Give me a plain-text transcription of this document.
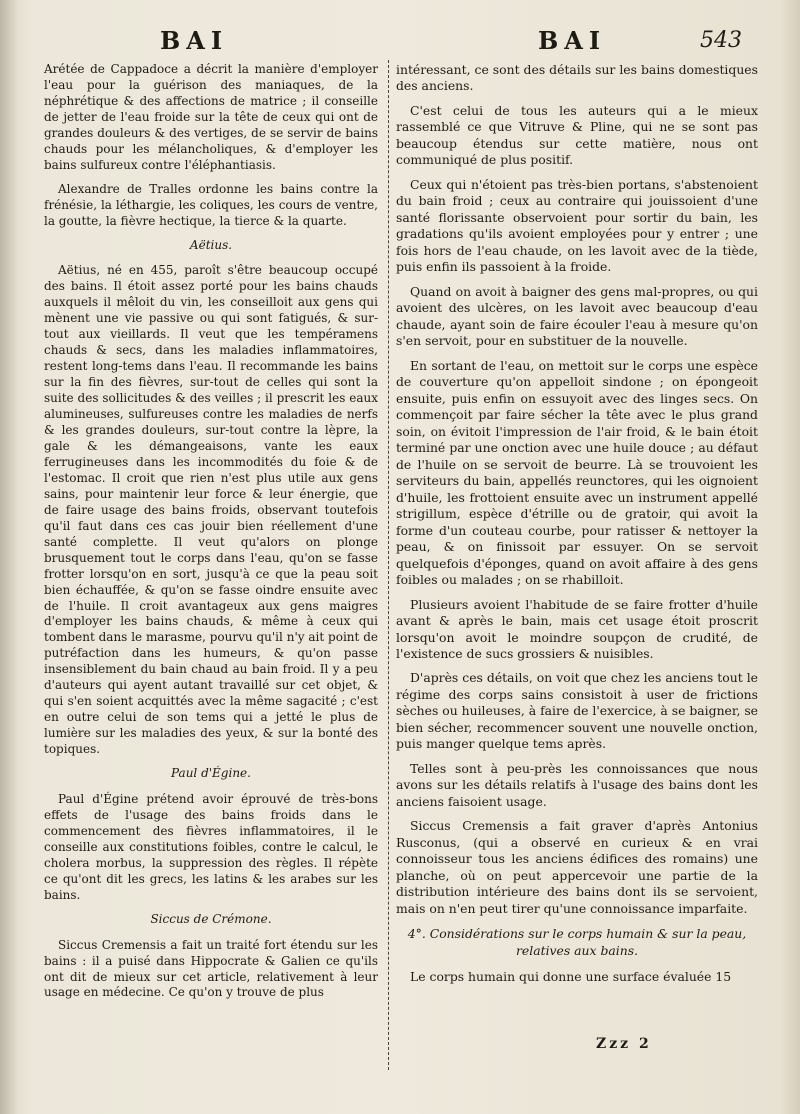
BAI	BAI	543

Arétée de Cappadoce a décrit la manière d'employer l'eau pour la guérison des maniaques, de la néphrétique & des affections de matrice ; il conseille de jetter de l'eau froide sur la tête de ceux qui ont de grandes douleurs & des vertiges, de se servir de bains chauds pour les mélancholiques, & d'employer les bains sulfureux contre l'éléphantiasis.

Alexandre de Tralles ordonne les bains contre la frénésie, la léthargie, les coliques, les cours de ventre, la goutte, la fièvre hectique, la tierce & la quarte.

Aëtius.

Aëtius, né en 455, paroît s'être beaucoup occupé des bains. Il étoit assez porté pour les bains chauds auxquels il mêloit du vin, les conseilloit aux gens qui mènent une vie passive ou qui sont fatigués, & sur-tout aux vieillards. Il veut que les tempéramens chauds & secs, dans les maladies inflammatoires, restent long-tems dans l'eau. Il recommande les bains sur la fin des fièvres, sur-tout de celles qui sont la suite des sollicitudes & des veilles ; il prescrit les eaux alumineuses, sulfureuses contre les maladies de nerfs & les grandes douleurs, sur-tout contre la lèpre, la gale & les démangeaisons, vante les eaux ferrugineuses dans les incommodités du foie & de l'estomac. Il croit que rien n'est plus utile aux gens sains, pour maintenir leur force & leur énergie, que de faire usage des bains froids, observant toutefois qu'il faut dans ces cas jouir bien réellement d'une santé complette. Il veut qu'alors on plonge brusquement tout le corps dans l'eau, qu'on se fasse frotter lorsqu'on en sort, jusqu'à ce que la peau soit bien échauffée, & qu'on se fasse oindre ensuite avec de l'huile. Il croit avantageux aux gens maigres d'employer les bains chauds, & même à ceux qui tombent dans le marasme, pourvu qu'il n'y ait point de putréfaction dans les humeurs, & qu'on passe insensiblement du bain chaud au bain froid. Il y a peu d'auteurs qui ayent autant travaillé sur cet objet, & qui s'en soient acquittés avec la même sagacité ; c'est en outre celui de son tems qui a jetté le plus de lumière sur les maladies des yeux, & sur la bonté des topiques.

Paul d'Égine.

Paul d'Égine prétend avoir éprouvé de très-bons effets de l'usage des bains froids dans le commencement des fièvres inflammatoires, il le conseille aux constitutions foibles, contre le calcul, le cholera morbus, la suppression des règles. Il répète ce qu'ont dit les grecs, les latins & les arabes sur les bains.

Siccus de Crémone.

Siccus Cremensis a fait un traité fort étendu sur les bains : il a puisé dans Hippocrate & Galien ce qu'ils ont dit de mieux sur cet article, relativement à leur usage en médecine. Ce qu'on y trouve de plus

intéressant, ce sont des détails sur les bains domestiques des anciens.

C'est celui de tous les auteurs qui a le mieux rassemblé ce que Vitruve & Pline, qui ne se sont pas beaucoup étendus sur cette matière, nous ont communiqué de plus positif.

Ceux qui n'étoient pas très-bien portans, s'abstenoient du bain froid ; ceux au contraire qui jouissoient d'une santé florissante observoient pour sortir du bain, les gradations qu'ils avoient employées pour y entrer ; une fois hors de l'eau chaude, on les lavoit avec de la tiède, puis enfin ils passoient à la froide.

Quand on avoit à baigner des gens mal-propres, ou qui avoient des ulcères, on les lavoit avec beaucoup d'eau chaude, ayant soin de faire écouler l'eau à mesure qu'on s'en servoit, pour en substituer de la nouvelle.

En sortant de l'eau, on mettoit sur le corps une espèce de couverture qu'on appelloit sindone ; on épongeoit ensuite, puis enfin on essuyoit avec des linges secs. On commençoit par faire sécher la tête avec le plus grand soin, on évitoit l'impression de l'air froid, & le bain étoit terminé par une onction avec une huile douce ; au défaut de l'huile on se servoit de beurre. Là se trouvoient les serviteurs du bain, appellés reunctores, qui les oignoient d'huile, les frottoient ensuite avec un instrument appellé strigillum, espèce d'étrille ou de gratoir, qui avoit la forme d'un couteau courbe, pour ratisser & nettoyer la peau, & on finissoit par essuyer. On se servoit quelquefois d'éponges, quand on avoit affaire à des gens foibles ou malades ; on se rhabilloit.

Plusieurs avoient l'habitude de se faire frotter d'huile avant & après le bain, mais cet usage étoit proscrit lorsqu'on avoit le moindre soupçon de crudité, de l'existence de sucs grossiers & nuisibles.

D'après ces détails, on voit que chez les anciens tout le régime des corps sains consistoit à user de frictions sèches ou huileuses, à faire de l'exercice, à se baigner, se bien sécher, recommencer souvent une nouvelle onction, puis manger quelque tems après.

Telles sont à peu-près les connoissances que nous avons sur les détails relatifs à l'usage des bains dont les anciens faisoient usage.

Siccus Cremensis a fait graver d'après Antonius Rusconus, (qui a observé en curieux & en vrai connoisseur tous les anciens édifices des romains) une planche, où on peut appercevoir une partie de la distribution intérieure des bains dont ils se servoient, mais on n'en peut tirer qu'une connoissance imparfaite.

4°. Considérations sur le corps humain & sur la peau, relatives aux bains.

Le corps humain qui donne une surface évaluée 15

Zzz 2
